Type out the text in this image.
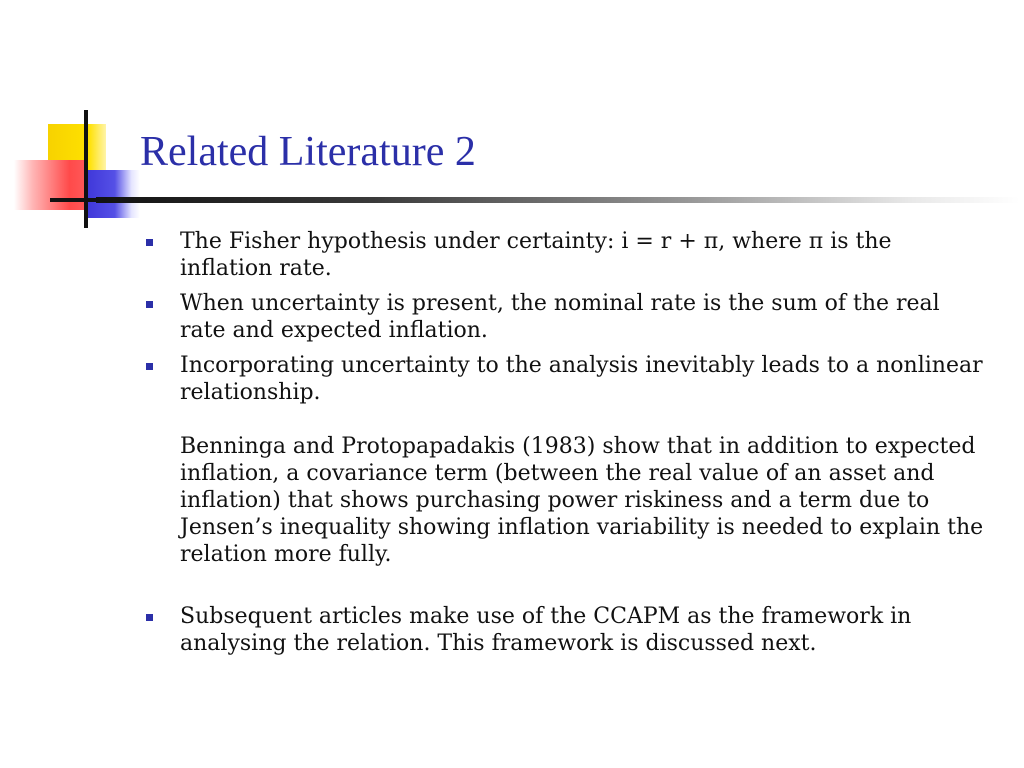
Related Literature 2

The Fisher hypothesis under certainty: i = r + π, where π is the inflation rate.

When uncertainty is present, the nominal rate is the sum of the real rate and expected inflation.

Incorporating uncertainty to the analysis inevitably leads to a nonlinear relationship.

Benninga and Protopapadakis (1983) show that in addition to expected inflation, a covariance term (between the real value of an asset and inflation) that shows purchasing power riskiness and a term due to Jensen’s inequality showing inflation variability is needed to explain the relation more fully.

Subsequent articles make use of the CCAPM as the framework in analysing the relation. This framework is discussed next.
